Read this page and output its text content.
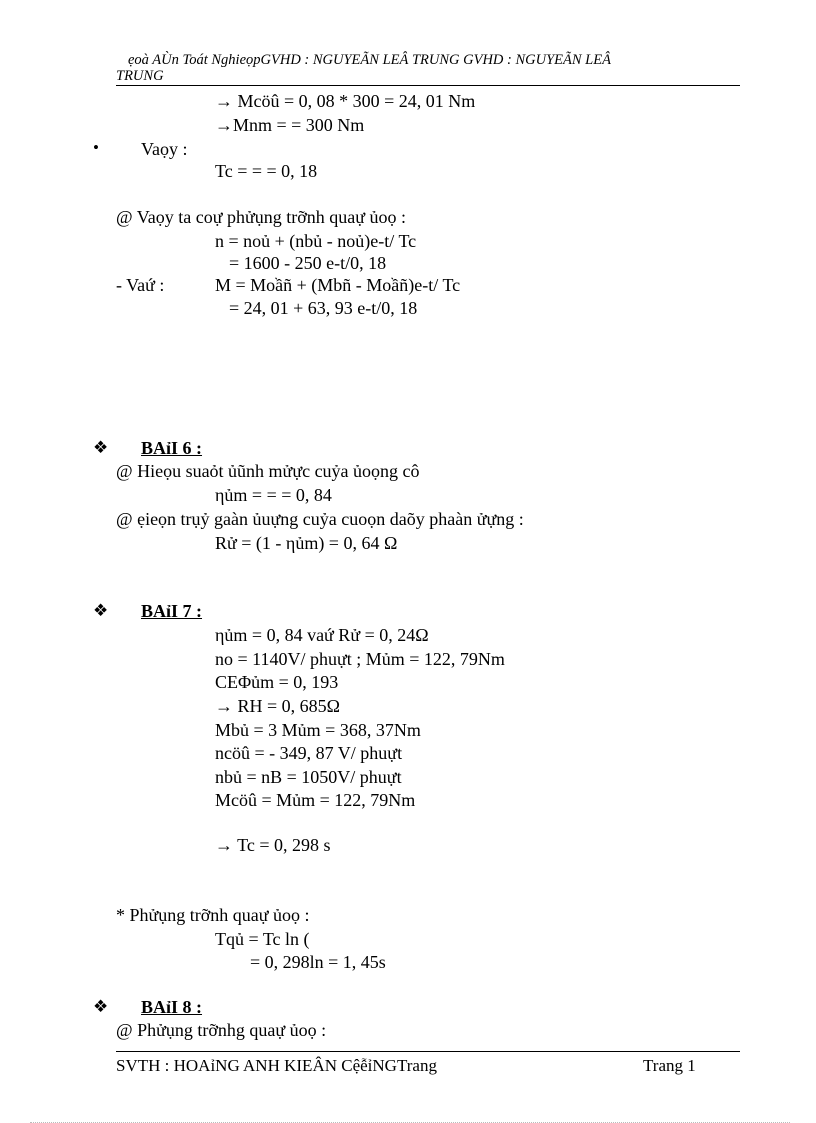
ẹoà AÙn Toát NghieọpGVHD : NGUYEÃN LEÂ TRUNG GVHD : NGUYEÃN LEÂ
TRUNG
→ Mcöû = 0, 08 * 300 = 24, 01 Nm
→Mnm = = 300 Nm
• Vaọy :
Tc = = = 0, 18
@ Vaọy ta coự phửụng trỡnh quaự ủoọ :
n = noủ + (nbủ - noủ)e-t/ Tc
= 1600 - 250 e-t/0, 18
- Vaứ :	M = Moầñ + (Mbñ - Moầñ)e-t/ Tc
= 24, 01 + 63, 93 e-t/0, 18
❖ BAỉI 6 :
@ Hieọu suaỏt ủũnh mửực cuỷa ủoọng cô
ηủm = = = 0, 84
@ ẹieọn trụỷ gaàn ủuựng cuỷa cuoọn daõy phaàn ửựng :
Rử = (1 - ηủm) = 0, 64 Ω
❖ BAỉI 7 :
ηủm = 0, 84 vaứ Rử = 0, 24Ω
no = 1140V/ phuựt ; Mủm = 122, 79Nm
CEΦủm = 0, 193
→ RH = 0, 685Ω
Mbủ = 3 Mủm = 368, 37Nm
ncöû = - 349, 87 V/ phuựt
nbủ = nB = 1050V/ phuựt
Mcöû = Mủm = 122, 79Nm
→ Tc = 0, 298 s
* Phửụng trỡnh quaự ủoọ :
Tqủ = Tc ln (
= 0, 298ln = 1, 45s
❖ BAỉI 8 :
@ Phửụng trỡnhg quaự ủoọ :
SVTH : HOAỉNG ANH KIEÂN CệễỉNGTrang	Trang 1
